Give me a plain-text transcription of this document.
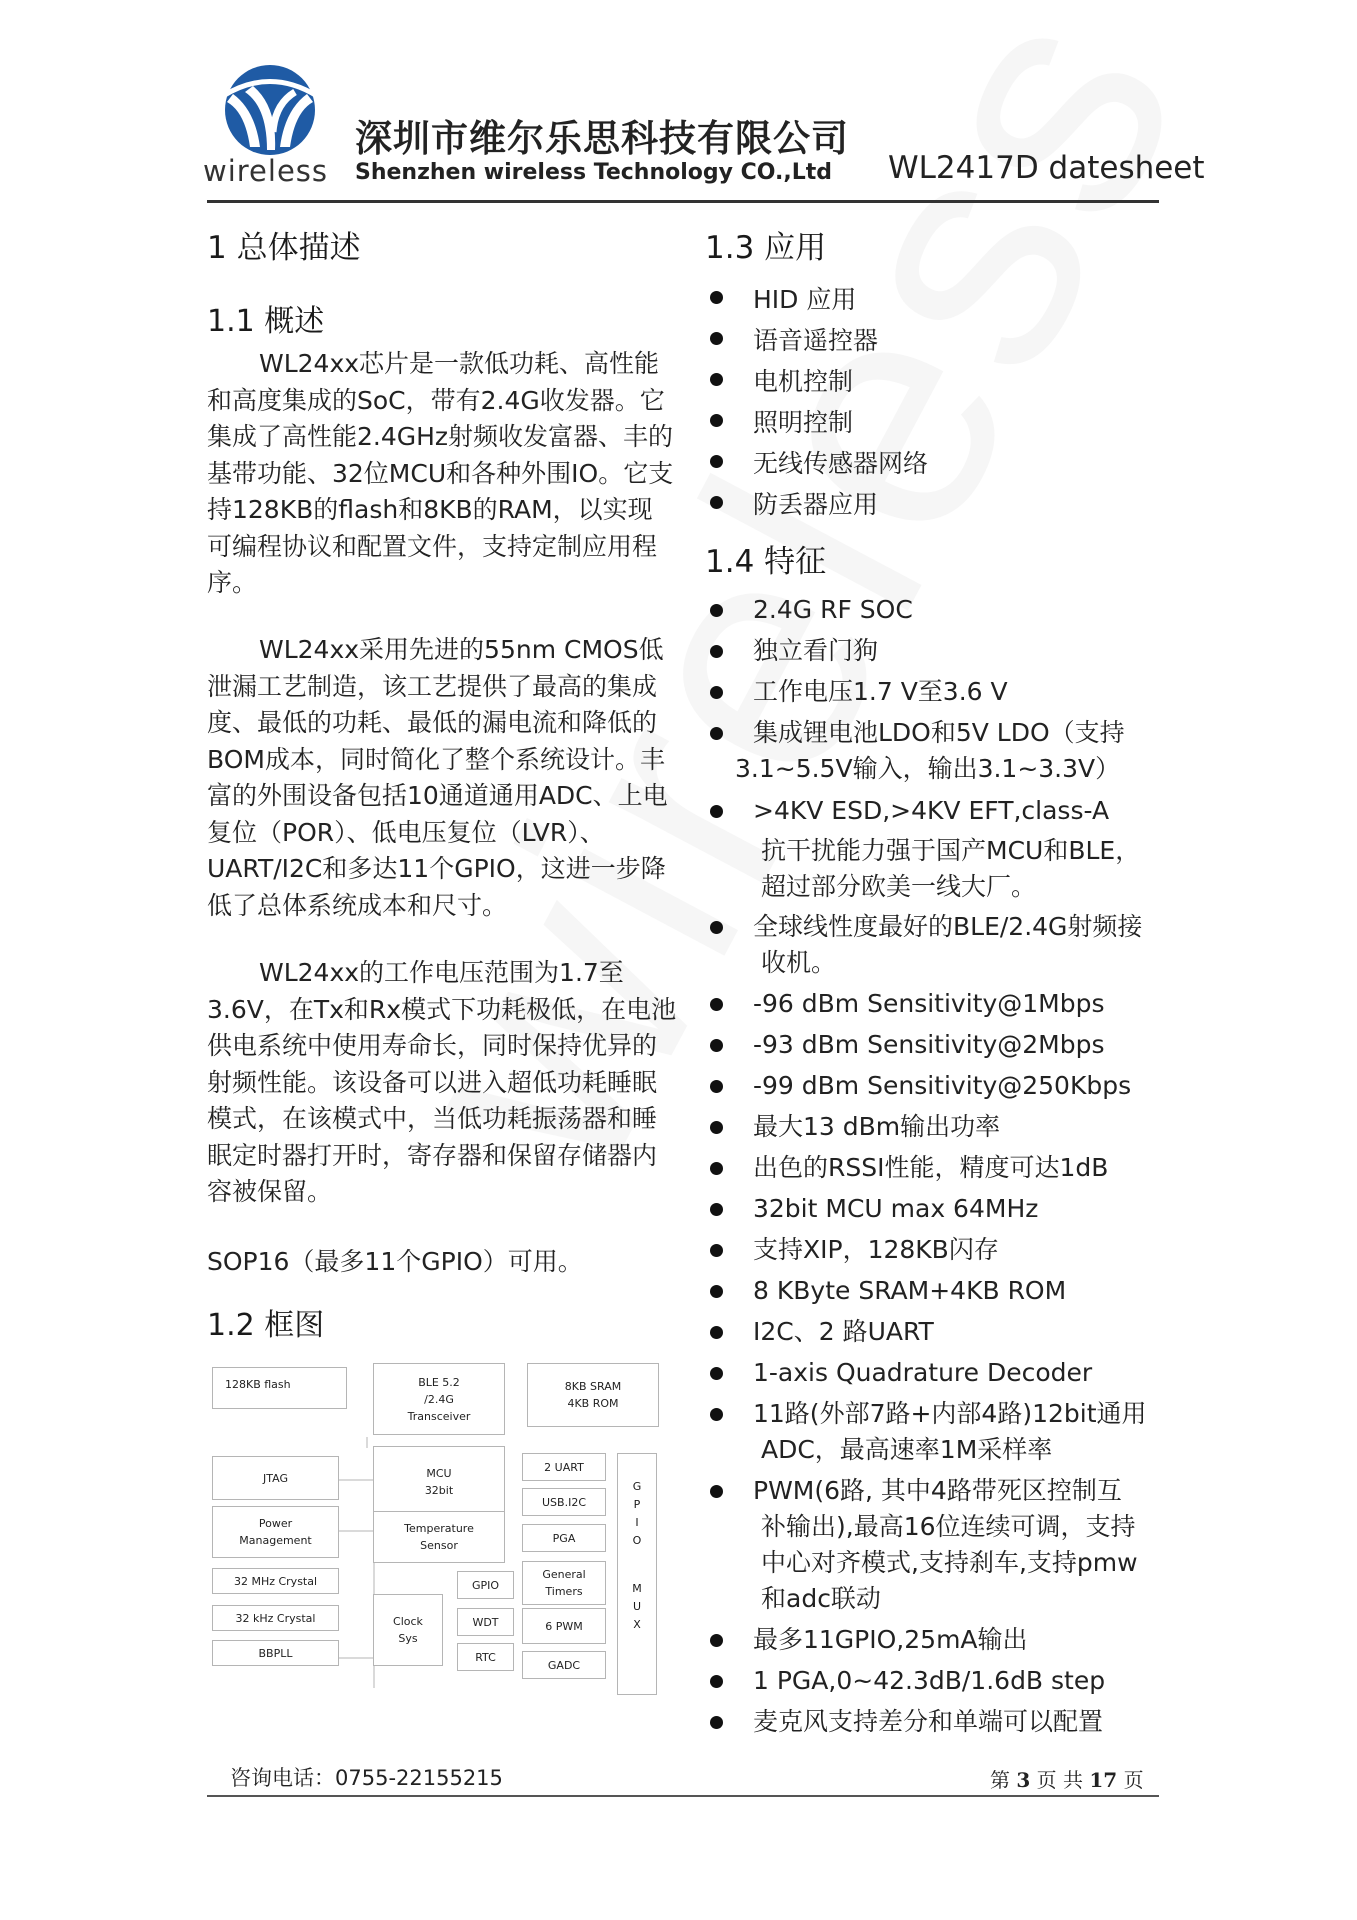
wireless
深圳市维尔乐思科技有限公司
Shenzhen wireless Technology CO.,Ltd WL2417D datesheet
1 总体描述
1.1 概述

WL24xx芯片是一款低功耗、高性能和高度集成的SoC，带有2.4G收发器。它集成了高性能2.4GHz射频收发富器、丰的基带功能、32位MCU和各种外围IO。它支持128KB的flash和8KB的RAM，以实现可编程协议和配置文件，支持定制应用程序。

WL24xx采用先进的55nm CMOS低泄漏工艺制造，该工艺提供了最高的集成度、最低的功耗、最低的漏电流和降低的BOM成本，同时简化了整个系统设计。丰富的外围设备包括10通道通用ADC、上电复位（POR）、低电压复位（LVR）、UART/I2C和多达11个GPIO，这进一步降低了总体系统成本和尺寸。

WL24xx的工作电压范围为1.7至3.6V，在Tx和Rx模式下功耗极低，在电池供电系统中使用寿命长，同时保持优异的射频性能。该设备可以进入超低功耗睡眠模式，在该模式中，当低功耗振荡器和睡眠定时器打开时，寄存器和保留存储器内容被保留。

SOP16（最多11个GPIO）可用。

1.2 框图
128KB flash	BLE 5.2
/2.4G
Transceiver
8KB SRAM
4KB ROM
MCU
32bit
2 UART
USB.I2C
PGA
G
P
I
O
M
U
X
JTAG
Power
Management
Temperature
Sensor
General
Timers
32 MHz Crystal	GPIO
Clock
Sys
32 kHz Crystal	WDT	6 PWM
BBPLL	RTC
GADC
1.3 应用
HID 应用
语音遥控器
电机控制
照明控制
无线传感器网络
防丢器应用
1.4 特征
2.4G RF SOC
独立看门狗
工作电压1.7 V至3.6 V
集成锂电池LDO和5V LDO（支持
3.1~5.5V输入，输出3.1~3.3V）
>4KV ESD,>4KV EFT,class-A
抗干扰能力强于国产MCU和BLE，
超过部分欧美一线大厂。
全球线性度最好的BLE/2.4G射频接
收机。
-96 dBm Sensitivity@1Mbps
-93 dBm Sensitivity@2Mbps
-99 dBm Sensitivity@250Kbps
最大13 dBm输出功率
出色的RSSI性能，精度可达1dB
32bit MCU max 64MHz
支持XIP，128KB闪存
8 KByte SRAM+4KB ROM
I2C、2 路UART
1-axis Quadrature Decoder
11路(外部7路+内部4路)12bit通用
ADC，最高速率1M采样率
PWM(6路, 其中4路带死区控制互
补输出),最高16位连续可调，支持
中心对齐模式,支持刹车,支持pmw
和adc联动
最多11GPIO,25mA输出
1 PGA,0~42.3dB/1.6dB step
麦克风支持差分和单端可以配置
咨询电话：0755-22155215	第 3 页 共 17 页
